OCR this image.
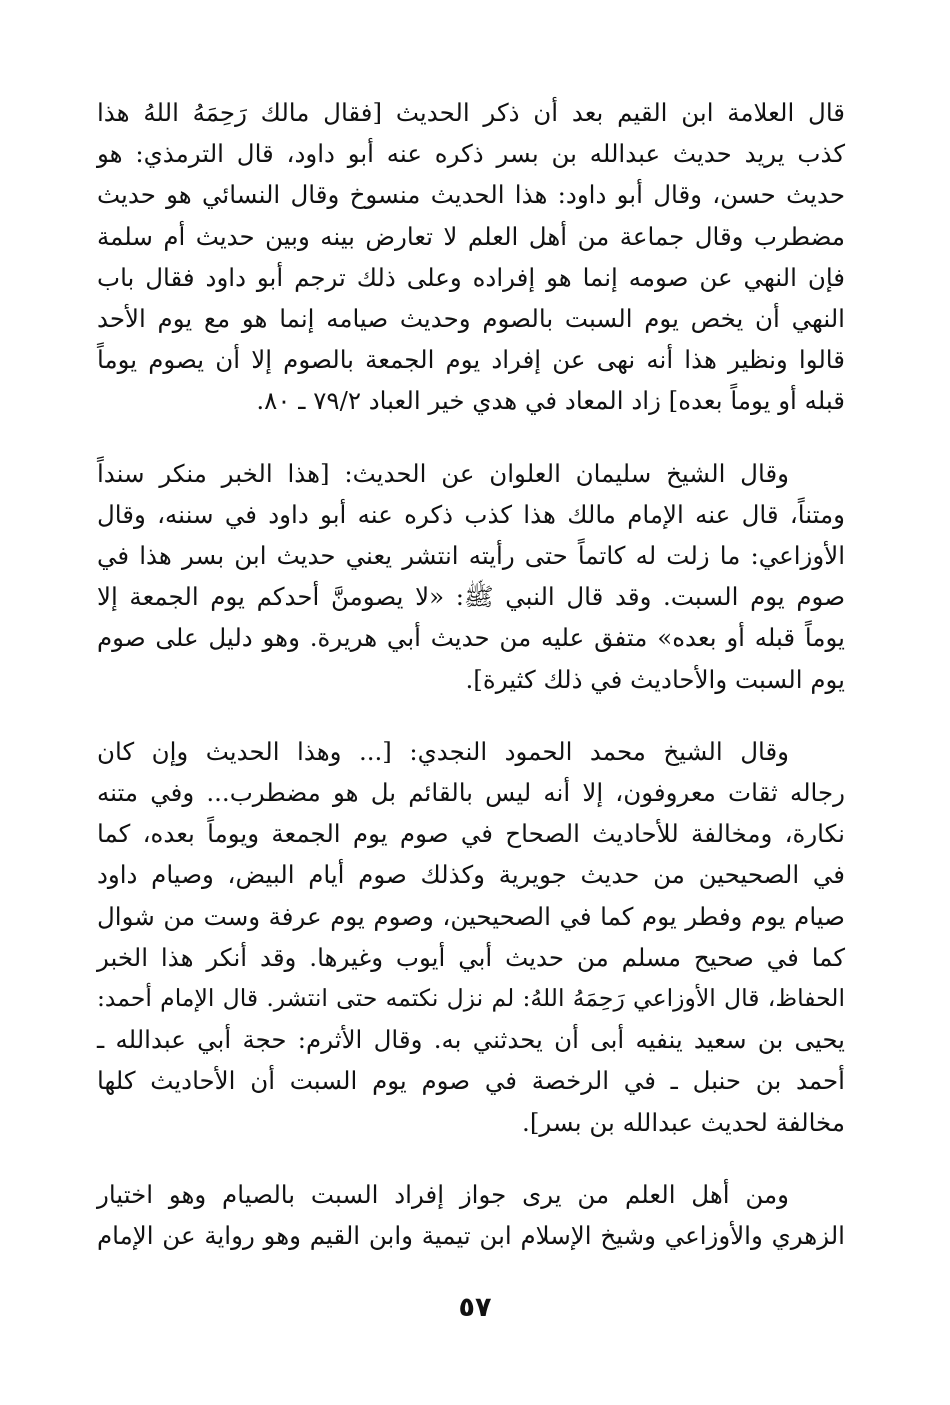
قال العلامة ابن القيم بعد أن ذكر الحديث [فقال مالك رَحِمَهُ اللهُ هذا
كذب يريد حديث عبدالله بن بسر ذكره عنه أبو داود، قال الترمذي: هو
حديث حسن، وقال أبو داود: هذا الحديث منسوخ وقال النسائي هو حديث
مضطرب وقال جماعة من أهل العلم لا تعارض بينه وبين حديث أم سلمة
فإن النهي عن صومه إنما هو إفراده وعلى ذلك ترجم أبو داود فقال باب
النهي أن يخص يوم السبت بالصوم وحديث صيامه إنما هو مع يوم الأحد
قالوا ونظير هذا أنه نهى عن إفراد يوم الجمعة بالصوم إلا أن يصوم يوماً
قبله أو يوماً بعده] زاد المعاد في هدي خير العباد ٧٩/٢ ـ ٨٠.

وقال الشيخ سليمان العلوان عن الحديث: [هذا الخبر منكر سنداً
ومتناً، قال عنه الإمام مالك هذا كذب ذكره عنه أبو داود في سننه، وقال
الأوزاعي: ما زلت له كاتماً حتى رأيته انتشر يعني حديث ابن بسر هذا في
صوم يوم السبت. وقد قال النبي ﷺ: «لا يصومنَّ أحدكم يوم الجمعة إلا
يوماً قبله أو بعده» متفق عليه من حديث أبي هريرة. وهو دليل على صوم
يوم السبت والأحاديث في ذلك كثيرة].

وقال الشيخ محمد الحمود النجدي: [... وهذا الحديث وإن كان
رجاله ثقات معروفون، إلا أنه ليس بالقائم بل هو مضطرب... وفي متنه
نكارة، ومخالفة للأحاديث الصحاح في صوم يوم الجمعة ويوماً بعده، كما
في الصحيحين من حديث جويرية وكذلك صوم أيام البيض، وصيام داود
صيام يوم وفطر يوم كما في الصحيحين، وصوم يوم عرفة وست من شوال
كما في صحيح مسلم من حديث أبي أيوب وغيرها. وقد أنكر هذا الخبر
الحفاظ، قال الأوزاعي رَحِمَهُ اللهُ: لم نزل نكتمه حتى انتشر. قال الإمام أحمد:
يحيى بن سعيد ينفيه أبى أن يحدثني به. وقال الأثرم: حجة أبي عبدالله ـ
أحمد بن حنبل ـ في الرخصة في صوم يوم السبت أن الأحاديث كلها
مخالفة لحديث عبدالله بن بسر].

ومن أهل العلم من يرى جواز إفراد السبت بالصيام وهو اختيار
الزهري والأوزاعي وشيخ الإسلام ابن تيمية وابن القيم وهو رواية عن الإمام

٥٧
